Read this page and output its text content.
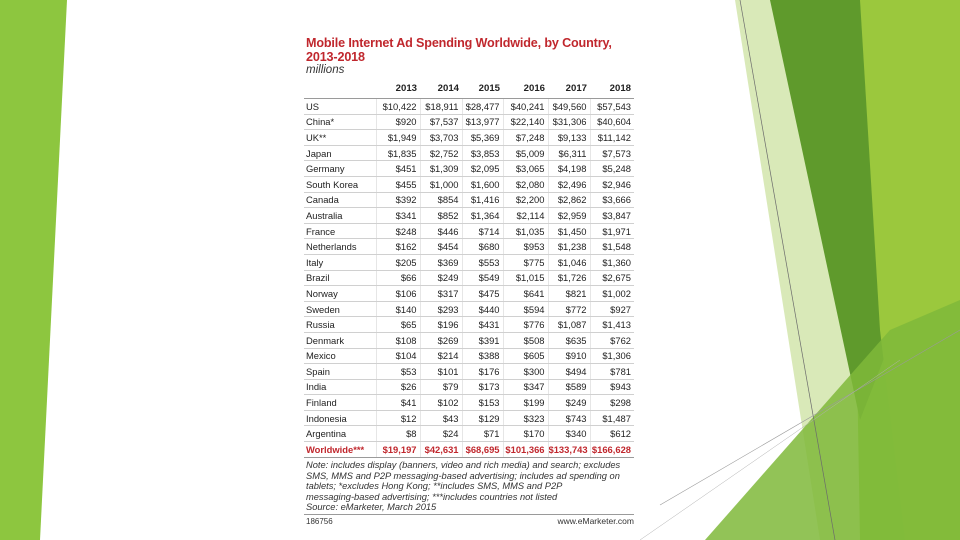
Mobile Internet Ad Spending Worldwide, by Country, 2013-2018
millions
	2013	2014	2015	2016	2017	2018
US	$10,422	$18,911	$28,477	$40,241	$49,560	$57,543
China*	$920	$7,537	$13,977	$22,140	$31,306	$40,604
UK**	$1,949	$3,703	$5,369	$7,248	$9,133	$11,142
Japan	$1,835	$2,752	$3,853	$5,009	$6,311	$7,573
Germany	$451	$1,309	$2,095	$3,065	$4,198	$5,248
South Korea	$455	$1,000	$1,600	$2,080	$2,496	$2,946
Canada	$392	$854	$1,416	$2,200	$2,862	$3,666
Australia	$341	$852	$1,364	$2,114	$2,959	$3,847
France	$248	$446	$714	$1,035	$1,450	$1,971
Netherlands	$162	$454	$680	$953	$1,238	$1,548
Italy	$205	$369	$553	$775	$1,046	$1,360
Brazil	$66	$249	$549	$1,015	$1,726	$2,675
Norway	$106	$317	$475	$641	$821	$1,002
Sweden	$140	$293	$440	$594	$772	$927
Russia	$65	$196	$431	$776	$1,087	$1,413
Denmark	$108	$269	$391	$508	$635	$762
Mexico	$104	$214	$388	$605	$910	$1,306
Spain	$53	$101	$176	$300	$494	$781
India	$26	$79	$173	$347	$589	$943
Finland	$41	$102	$153	$199	$249	$298
Indonesia	$12	$43	$129	$323	$743	$1,487
Argentina	$8	$24	$71	$170	$340	$612
Worldwide***	$19,197	$42,631	$68,695	$101,366	$133,743	$166,628
Note: includes display (banners, video and rich media) and search; excludes
SMS, MMS and P2P messaging-based advertising; includes ad spending on
tablets; *excludes Hong Kong; **includes SMS, MMS and P2P
messaging-based advertising; ***includes countries not listed
Source: eMarketer, March 2015
186756	www.eMarketer.com
